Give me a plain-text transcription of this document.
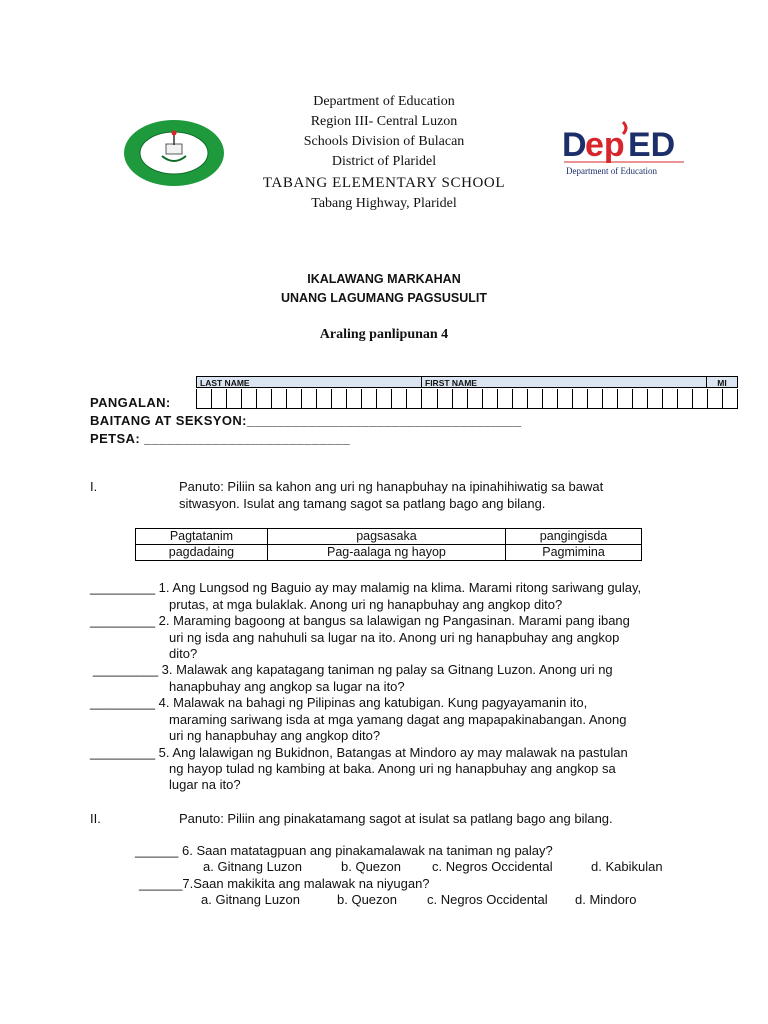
Department of Education
Region III- Central Luzon
Schools Division of Bulacan
District of Plaridel
TABANG ELEMENTARY SCHOOL
Tabang Highway, Plaridel
D
ep ED
Department of Education
IKALAWANG MARKAHAN
UNANG LAGUMANG PAGSUSULIT
Araling panlipunan 4
LAST NAME	FIRST NAME	MI
PANGALAN:
BAITANG AT SEKSYON:____________________________________
PETSA: ___________________________
I.	Panuto: Piliin sa kahon ang uri ng hanapbuhay na ipinahihiwatig sa bawat
sitwasyon. Isulat ang tamang sagot sa patlang bago ang bilang.
Pagtatanim	pagsasaka	pangingisda
pagdadaing	Pag-aalaga ng hayop	Pagmimina
_________ 1. Ang Lungsod ng Baguio ay may malamig na klima. Marami ritong sariwang gulay,
prutas, at mga bulaklak. Anong uri ng hanapbuhay ang angkop dito?
_________ 2. Maraming bagoong at bangus sa lalawigan ng Pangasinan. Marami pang ibang
uri ng isda ang nahuhuli sa lugar na ito. Anong uri ng hanapbuhay ang angkop
dito?
_________ 3. Malawak ang kapatagang taniman ng palay sa Gitnang Luzon. Anong uri ng
hanapbuhay ang angkop sa lugar na ito?
_________ 4. Malawak na bahagi ng Pilipinas ang katubigan. Kung pagyayamanin ito,
maraming sariwang isda at mga yamang dagat ang mapapakinabangan. Anong
uri ng hanapbuhay ang angkop dito?
_________ 5. Ang lalawigan ng Bukidnon, Batangas at Mindoro ay may malawak na pastulan
ng hayop tulad ng kambing at baka. Anong uri ng hanapbuhay ang angkop sa
lugar na ito?
II.	Panuto: Piliin ang pinakatamang sagot at isulat sa patlang bago ang bilang.
______ 6. Saan matatagpuan ang pinakamalawak na taniman ng palay?
a. Gitnang Luzon	b. Quezon c. Negros Occidental	d. Kabikulan
______7.Saan makikita ang malawak na niyugan?
a. Gitnang Luzon	b. Quezon c. Negros Occidental d. Mindoro
